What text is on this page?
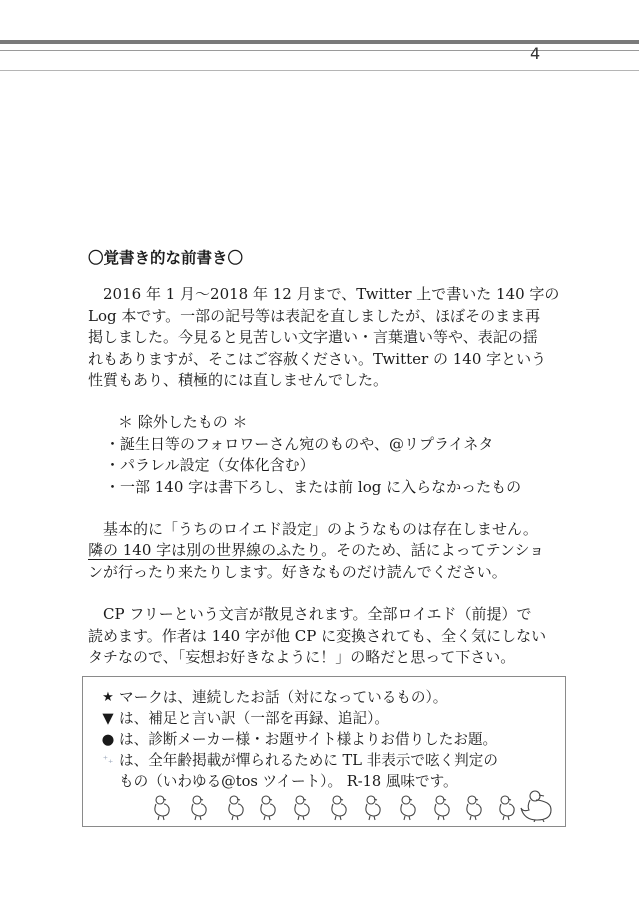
4

〇覚書き的な前書き〇

2016 年 1 月〜2018 年 12 月まで、Twitter 上で書いた 140 字の
Log 本です。一部の記号等は表記を直しましたが、ほぼそのまま再
掲しました。今見ると見苦しい文字遣い・言葉遣い等や、表記の揺
れもありますが、そこはご容赦ください。Twitter の 140 字という
性質もあり、積極的には直しませんでした。

＊ 除外したもの ＊

・誕生日等のフォロワーさん宛のものや、@リプライネタ

・パラレル設定（女体化含む）

・一部 140 字は書下ろし、または前 log に入らなかったもの

基本的に「うちのロイエド設定」のようなものは存在しません。
隣の 140 字は別の世界線のふたり。そのため、話によってテンショ
ンが行ったり来たりします。好きなものだけ読んでください。
CP フリーという文言が散見されます。全部ロイエド（前提）で
読めます。作者は 140 字が他 CP に変換されても、全く気にしない
タチなので、「妄想お好きなように！」の略だと思って下さい。
★ マークは、連続したお話（対になっているもの）。
▼ は、補足と言い訳（一部を再録、追記）。
● は、診断メーカー様・お題サイト様よりお借りしたお題。
⁺₊ は、全年齢掲載が憚られるために TL 非表示で呟く判定の
もの（いわゆる@tos ツイート）。 R-18 風味です。
